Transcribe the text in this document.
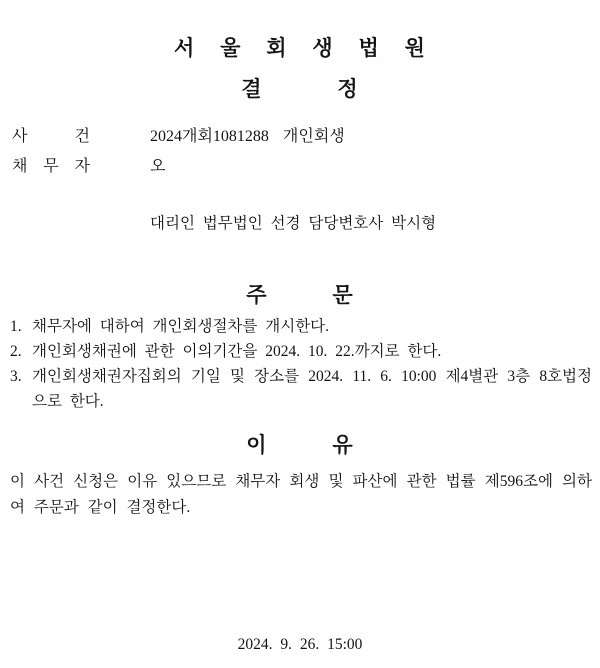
서 울 회 생 법 원
결 정
사 건	2024개회1081288  개인회생
채 무 자	오
대리인 법무법인 선경 담당변호사 박시형
주 문
1. 채무자에 대하여 개인회생절차를 개시한다.
2. 개인회생채권에 관한 이의기간을 2024. 10. 22.까지로 한다.
3. 개인회생채권자집회의 기일 및 장소를 2024. 11. 6. 10:00 제4별관 3층 8호법정으로 한다.
이 유
이 사건 신청은 이유 있으므로 채무자 회생 및 파산에 관한 법률 제596조에 의하여 주문과 같이 결정한다.
2024. 9. 26. 15:00
